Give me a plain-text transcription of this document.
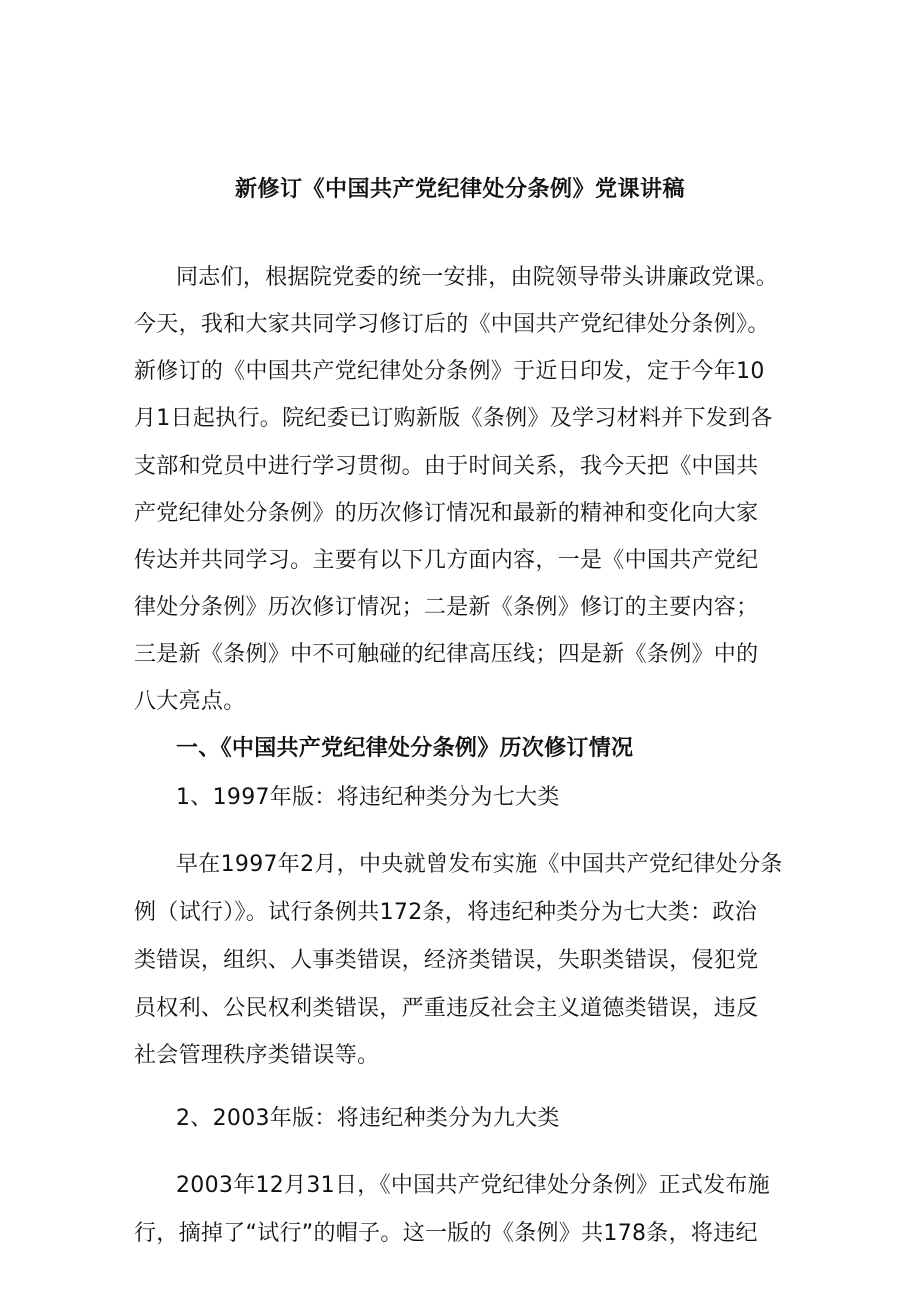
新修订《中国共产党纪律处分条例》党课讲稿
同志们，根据院党委的统一安排，由院领导带头讲廉政党课。
今天，我和大家共同学习修订后的《中国共产党纪律处分条例》。
新修订的《中国共产党纪律处分条例》于近日印发，定于今年10
月1日起执行。院纪委已订购新版《条例》及学习材料并下发到各
支部和党员中进行学习贯彻。由于时间关系，我今天把《中国共
产党纪律处分条例》的历次修订情况和最新的精神和变化向大家
传达并共同学习。主要有以下几方面内容，一是《中国共产党纪
律处分条例》历次修订情况；二是新《条例》修订的主要内容；
三是新《条例》中不可触碰的纪律高压线；四是新《条例》中的
八大亮点。
一、《中国共产党纪律处分条例》历次修订情况
1、1997年版：将违纪种类分为七大类
早在1997年2月，中央就曾发布实施《中国共产党纪律处分条
例（试行）》。试行条例共172条，将违纪种类分为七大类：政治
类错误，组织、人事类错误，经济类错误，失职类错误，侵犯党
员权利、公民权利类错误，严重违反社会主义道德类错误，违反
社会管理秩序类错误等。
2、2003年版：将违纪种类分为九大类
2003年12月31日，《中国共产党纪律处分条例》正式发布施
行，摘掉了“试行”的帽子。这一版的《条例》共178条，将违纪
